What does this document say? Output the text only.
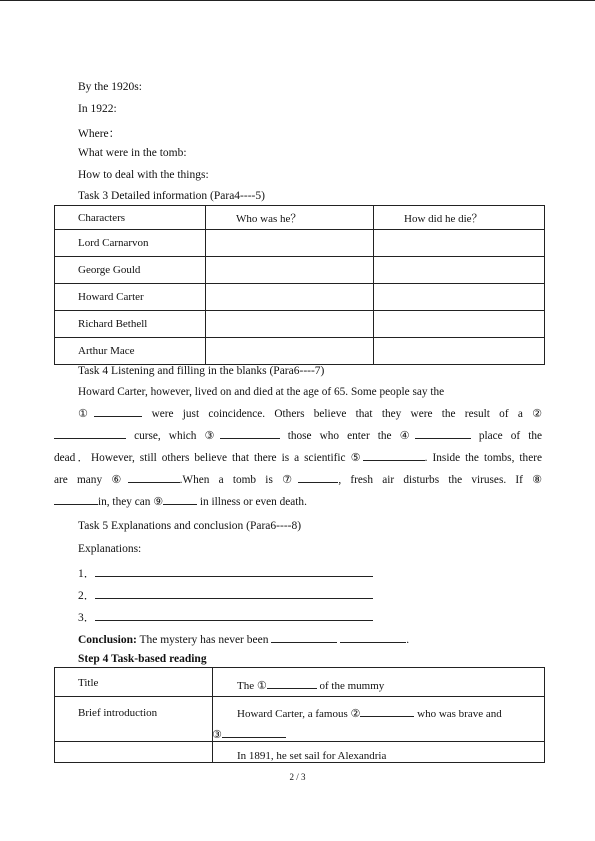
By the 1920s:
In 1922:
Where：
What were in the tomb:
How to deal with the things:
Task 3 Detailed information (Para4----5)
Characters	Who was he？	How did he die？
Lord Carnarvon		
George Gould		
Howard Carter		
Richard Bethell		
Arthur Mace		
Task 4 Listening and filling in the blanks (Para6----7)
Howard Carter, however, lived on and died at the age of 65. Some people say the
①	were just coincidence. Others believe that they were the result of a ②
curse, which ③	those who enter the ④	place of the
dead．However, still others believe that there is a scientific ⑤	. Inside the tombs, there
are many ⑥	.When a tomb is ⑦	, fresh air disturbs the viruses. If ⑧
in, they can ⑨	in illness or even death.
Task 5 Explanations and conclusion (Para6----8)
Explanations:
1．
2．
3．
Conclusion: The mystery has never been	.
Step 4 Task-based reading
Title	The ① of the mummy

Brief introduction	Howard Carter, a famous ② who was brave and
③

	In 1891, he set sail for Alexandria
2 / 3
